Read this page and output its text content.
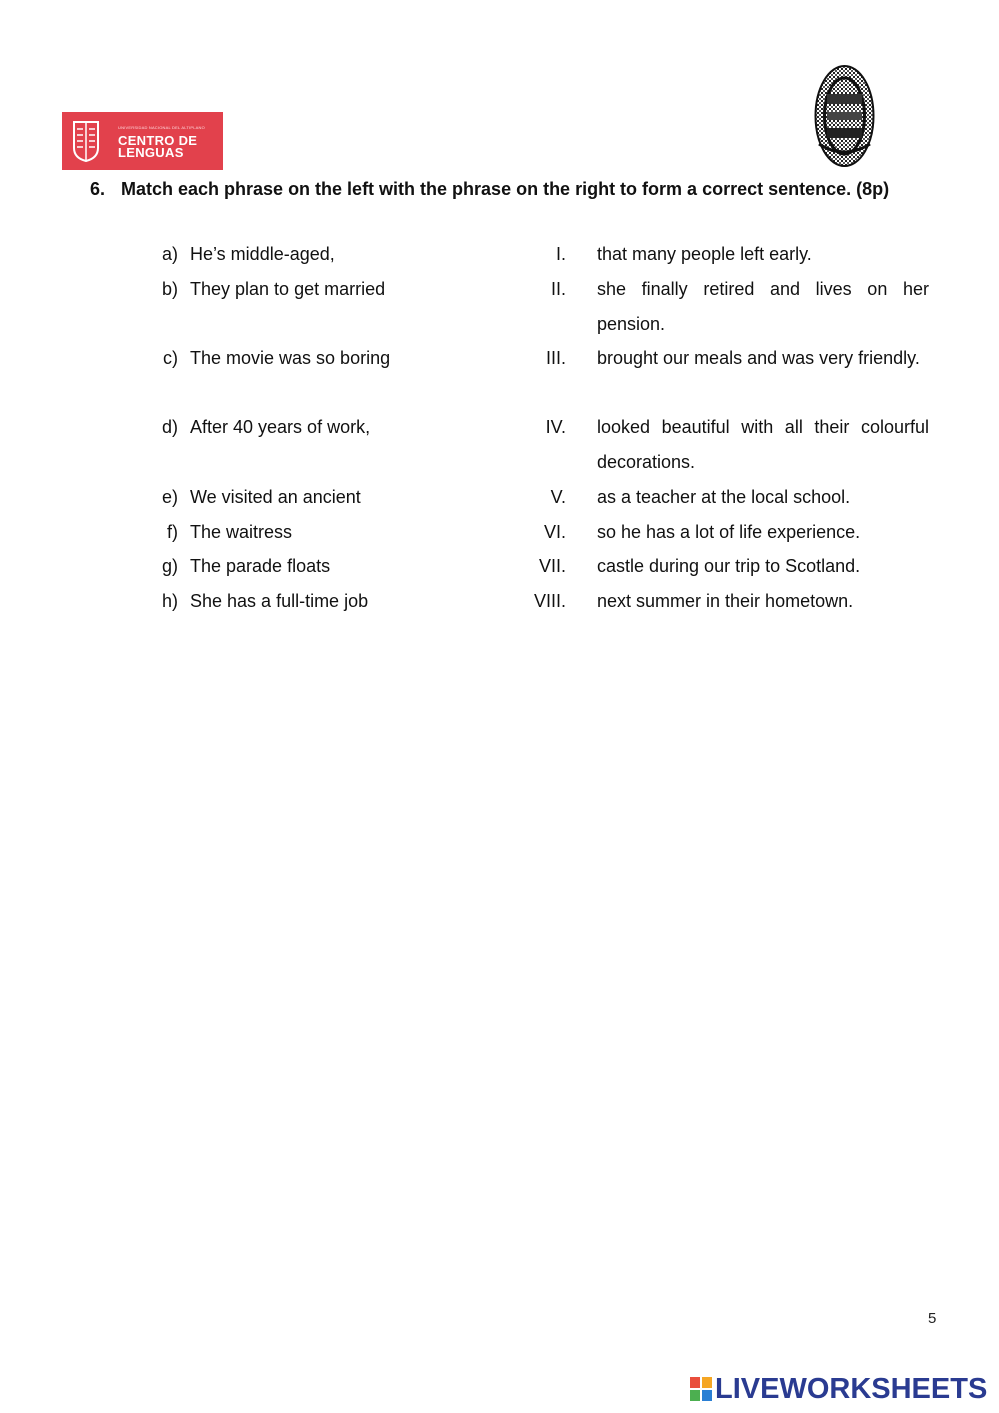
UNIVERSIDAD NACIONAL DEL ALTIPLANO
CENTRO DE
LENGUAS
6. Match each phrase on the left with the phrase on the right to form a correct sentence. (8p)
a) He’s middle-aged,
b) They plan to get married
c) The movie was so boring
d) After 40 years of work,
e) We visited an ancient
f) The waitress
g) The parade floats
h) She has a full-time job
I. that many people left early.
II. she finally retired and lives on her pension.
III. brought our meals and was very friendly.
IV. looked beautiful with all their colourful decorations.
V. as a teacher at the local school.
VI. so he has a lot of life experience.
VII. castle during our trip to Scotland.
VIII. next summer in their hometown.
5
LIVEWORKSHEETS
